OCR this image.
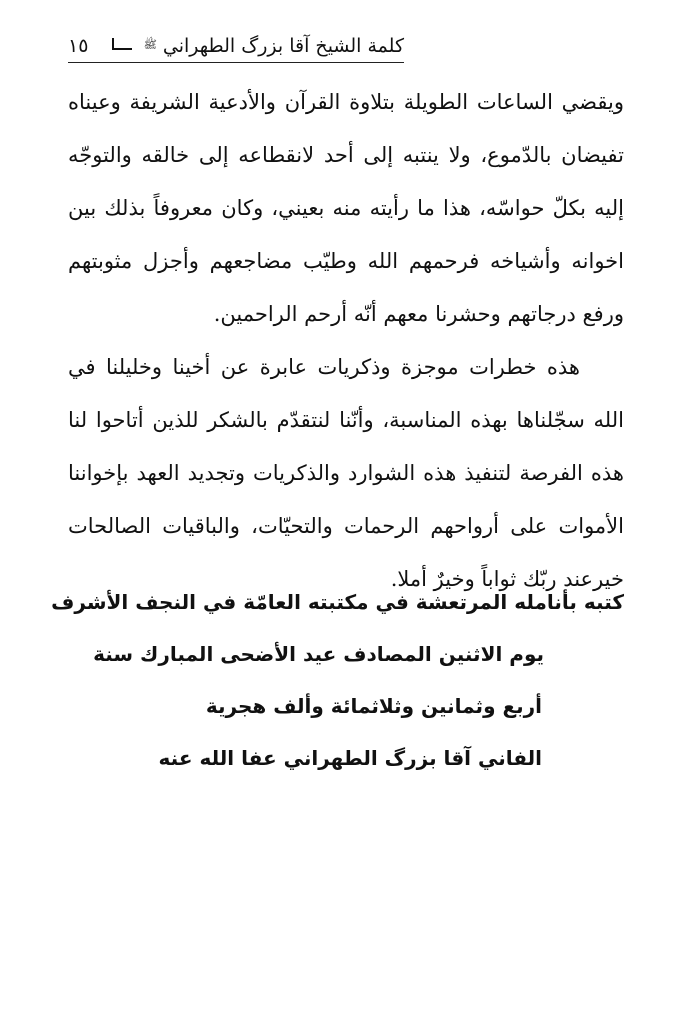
كلمة الشيخ آقا بزرگ الطهراني
ﷺ
١٥
ويقضي الساعات الطويلة بتلاوة القرآن والأدعية الشريفة وعيناه
تفيضان بالدّموع، ولا ينتبه إلى أحد لانقطاعه إلى خالقه والتوجّه
إليه بكلّ حواسّه، هذا ما رأيته منه بعيني، وكان معروفاً بذلك بين
اخوانه وأشياخه فرحمهم الله وطيّب مضاجعهم وأجزل مثوبتهم
ورفع درجاتهم وحشرنا معهم أنّه أرحم الراحمين.
هذه خطرات موجزة وذكريات عابرة عن أخينا وخليلنا في
الله سجّلناها بهذه المناسبة، وأنّنا لنتقدّم بالشكر للذين أتاحوا لنا
هذه الفرصة لتنفيذ هذه الشوارد والذكريات وتجديد العهد بإخواننا
الأموات على أرواحهم الرحمات والتحيّات، والباقيات الصالحات
خيرعند ربّك ثواباً وخيرٌ أملا.
كتبه بأنامله المرتعشة في مكتبته العامّة في النجف الأشرف
يوم الاثنين المصادف عيد الأضحى المبارك سنة
أربع وثمانين وثلاثمائة وألف هجرية
الفاني آقا بزرگ الطهراني عفا الله عنه
